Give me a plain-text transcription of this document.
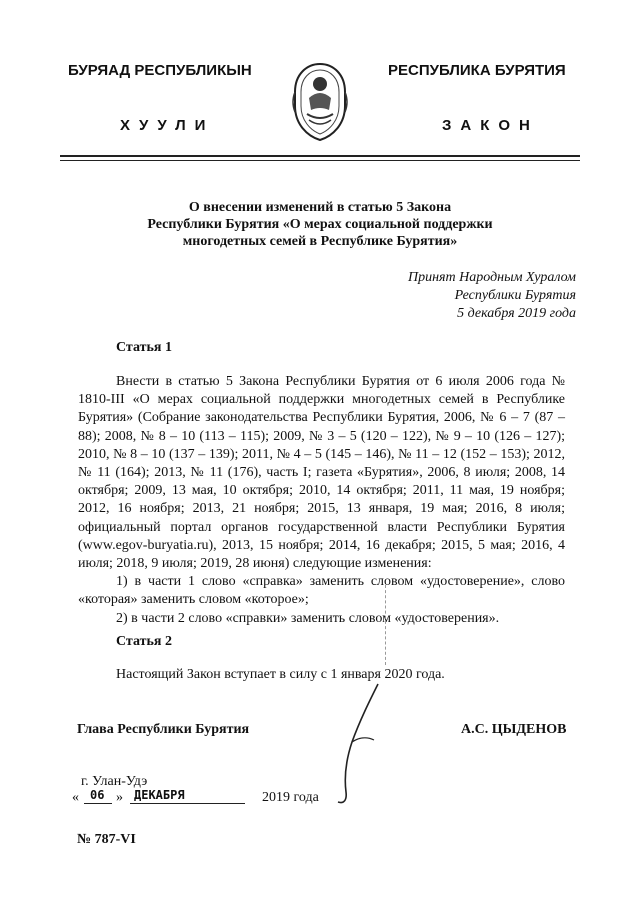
БУРЯАД РЕСПУБЛИКЫН	РЕСПУБЛИКА БУРЯТИЯ
ХУУЛИ	ЗАКОН
О внесении изменений в статью 5 Закона
Республики Бурятия «О мерах социальной поддержки
многодетных семей в Республике Бурятия»
Принят Народным Хуралом
Республики Бурятия
5 декабря 2019 года
Статья 1

Внести в статью 5 Закона Республики Бурятия от 6 июля 2006 года № 1810-III «О мерах социальной поддержки многодетных семей в Республике Бурятия» (Собрание законодательства Республики Бурятия, 2006, № 6 – 7 (87 – 88); 2008, № 8 – 10 (113 – 115); 2009, № 3 – 5 (120 – 122), № 9 – 10 (126 – 127); 2010, № 8 – 10 (137 – 139); 2011, № 4 – 5 (145 – 146), № 11 – 12 (152 – 153); 2012, № 11 (164); 2013, № 11 (176), часть I; газета «Бурятия», 2006, 8 июля; 2008, 14 октября; 2009, 13 мая, 10 октября; 2010, 14 октября; 2011, 11 мая, 19 ноября; 2012, 16 ноября; 2013, 21 ноября; 2015, 13 января, 19 мая; 2016, 8 июля; официальный портал органов государственной власти Республики Бурятия (www.egov-buryatia.ru), 2013, 15 ноября; 2014, 16 декабря; 2015, 5 мая; 2016, 4 июля; 2018, 9 июля; 2019, 28 июня) следующие изменения:

1) в части 1 слово «справка» заменить словом «удостоверение», слово «которая» заменить словом «которое»;

2) в части 2 слово «справки» заменить словом «удостоверения».

Статья 2

Настоящий Закон вступает в силу с 1 января 2020 года.

Глава Республики Бурятия	А.С. ЦЫДЕНОВ
г. Улан-Удэ
« 06 » ДЕКАБРЯ	2019 года
№ 787-VI
